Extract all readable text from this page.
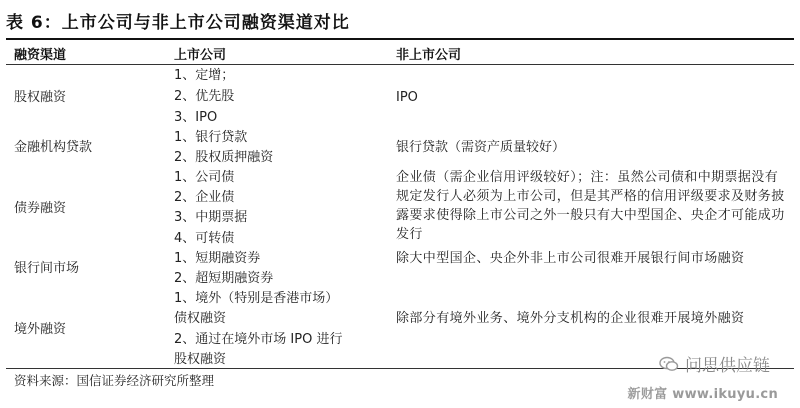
表 6：上市公司与非上市公司融资渠道对比
融资渠道	上市公司	非上市公司
股权融资
1、定增；
2、优先股
3、IPO
IPO
金融机构贷款
1、银行贷款
2、股权质押融资
银行贷款（需资产质量较好）
债券融资
1、公司债
2、企业债
3、中期票据
4、可转债
企业债（需企业信用评级较好）；注：虽然公司债和中期票据没有规定发行人必须为上市公司，但是其严格的信用评级要求及财务披露要求使得除上市公司之外一般只有大中型国企、央企才可能成功发行
银行间市场
1、短期融资券
2、超短期融资券
除大中型国企、央企外非上市公司很难开展银行间市场融资
境外融资
1、境外（特别是香港市场）
债权融资
2、通过在境外市场 IPO 进行
股权融资
除部分有境外业务、境外分支机构的企业很难开展境外融资
资料来源：国信证券经济研究所整理
问思供应链
新财富 www.ikuyu.cn
